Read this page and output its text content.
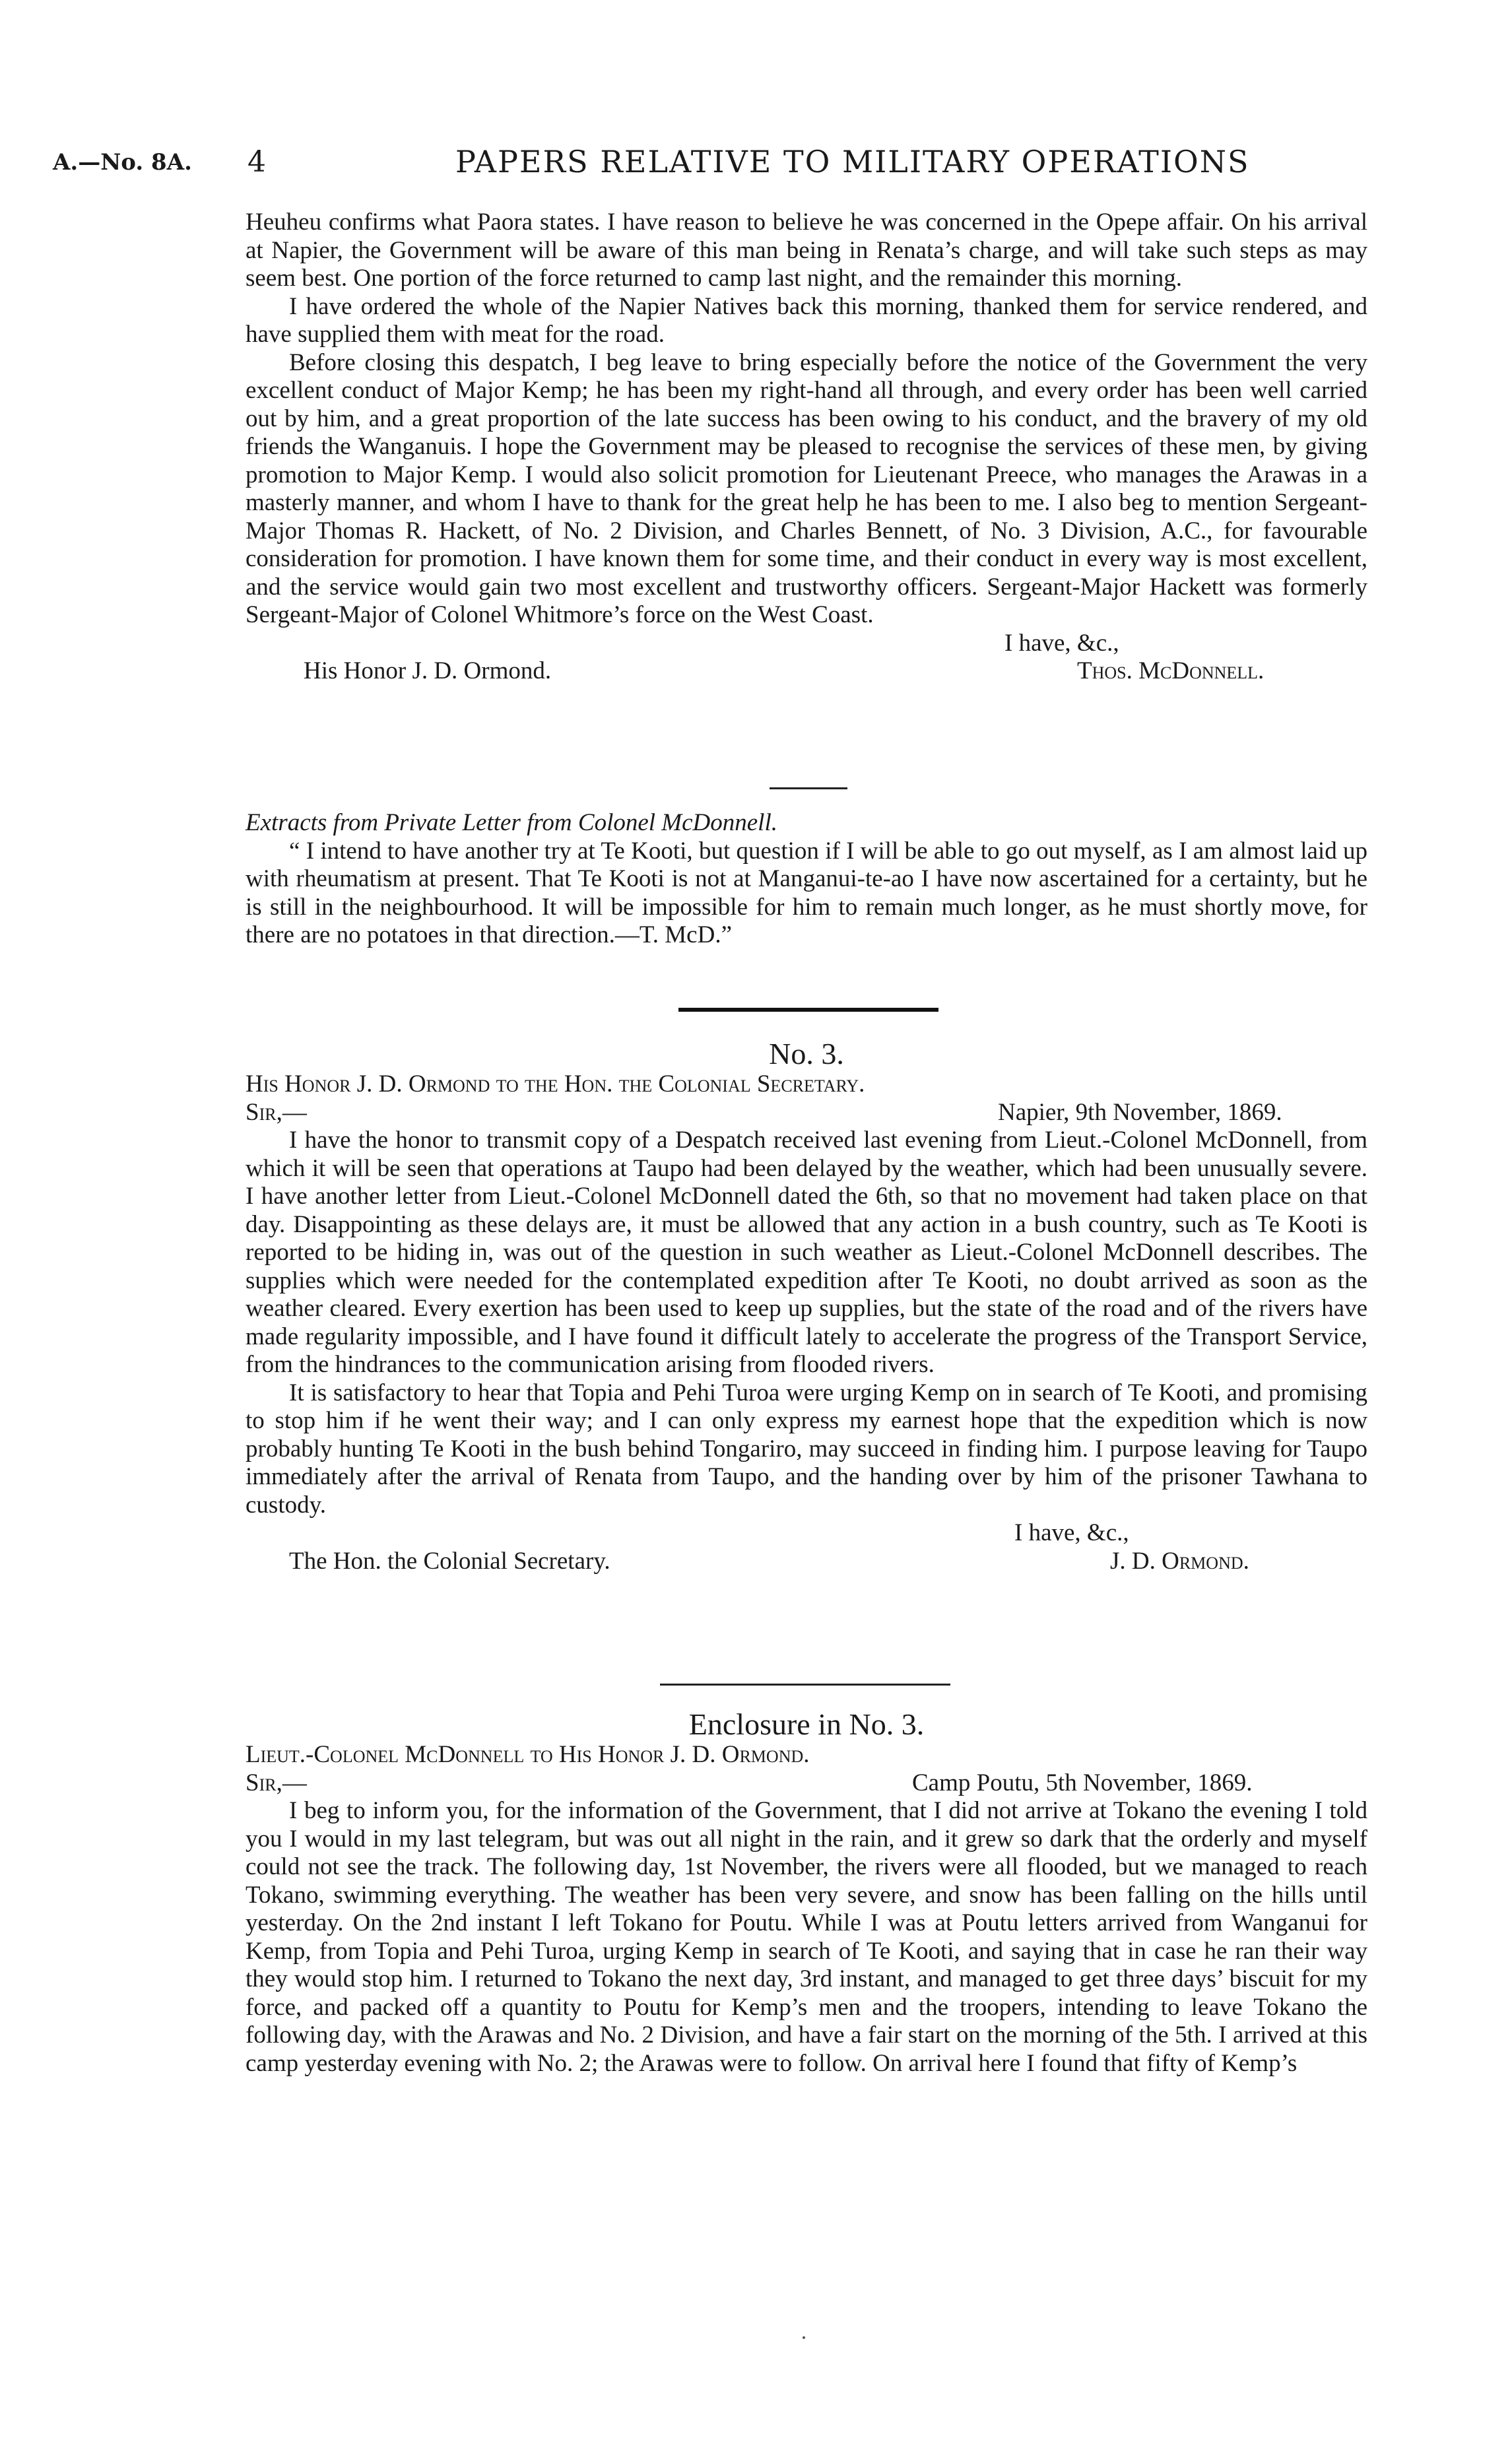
A.—No. 8A. 4	PAPERS RELATIVE TO MILITARY OPERATIONS

Heuheu confirms what Paora states. I have reason to believe he was concerned in the Opepe affair. On his arrival at Napier, the Government will be aware of this man being in Renata’s charge, and will take such steps as may seem best. One portion of the force returned to camp last night, and the remainder this morning.

I have ordered the whole of the Napier Natives back this morning, thanked them for service rendered, and have supplied them with meat for the road.

Before closing this despatch, I beg leave to bring especially before the notice of the Government the very excellent conduct of Major Kemp; he has been my right-hand all through, and every order has been well carried out by him, and a great proportion of the late success has been owing to his conduct, and the bravery of my old friends the Wanganuis. I hope the Government may be pleased to recognise the services of these men, by giving promotion to Major Kemp. I would also solicit promotion for Lieutenant Preece, who manages the Arawas in a masterly manner, and whom I have to thank for the great help he has been to me. I also beg to mention Sergeant-Major Thomas R. Hackett, of No. 2 Division, and Charles Bennett, of No. 3 Division, A.C., for favourable consideration for promotion. I have known them for some time, and their conduct in every way is most excellent, and the service would gain two most excellent and trustworthy officers. Sergeant-Major Hackett was formerly Sergeant-Major of Colonel Whitmore’s force on the West Coast.

I have, &c.,
His Honor J. D. Ormond.	Thos. McDonnell.

Extracts from Private Letter from Colonel McDonnell.

“ I intend to have another try at Te Kooti, but question if I will be able to go out myself, as I am almost laid up with rheumatism at present. That Te Kooti is not at Manganui-te-ao I have now ascertained for a certainty, but he is still in the neighbourhood. It will be impossible for him to remain much longer, as he must shortly move, for there are no potatoes in that direction.—T. McD.”

No. 3.

His Honor J. D. Ormond to the Hon. the Colonial Secretary.

Sir,—	Napier, 9th November, 1869.

I have the honor to transmit copy of a Despatch received last evening from Lieut.-Colonel McDonnell, from which it will be seen that operations at Taupo had been delayed by the weather, which had been unusually severe. I have another letter from Lieut.-Colonel McDonnell dated the 6th, so that no movement had taken place on that day. Disappointing as these delays are, it must be allowed that any action in a bush country, such as Te Kooti is reported to be hiding in, was out of the question in such weather as Lieut.-Colonel McDonnell describes. The supplies which were needed for the contemplated expedition after Te Kooti, no doubt arrived as soon as the weather cleared. Every exertion has been used to keep up supplies, but the state of the road and of the rivers have made regularity impossible, and I have found it difficult lately to accelerate the progress of the Transport Service, from the hindrances to the communication arising from flooded rivers.

It is satisfactory to hear that Topia and Pehi Turoa were urging Kemp on in search of Te Kooti, and promising to stop him if he went their way; and I can only express my earnest hope that the expedition which is now probably hunting Te Kooti in the bush behind Tongariro, may succeed in finding him. I purpose leaving for Taupo immediately after the arrival of Renata from Taupo, and the handing over by him of the prisoner Tawhana to custody.

I have, &c.,
The Hon. the Colonial Secretary.	J. D. Ormond.
Enclosure in No. 3.

Lieut.-Colonel McDonnell to His Honor J. D. Ormond.

Sir,—	Camp Poutu, 5th November, 1869.

I beg to inform you, for the information of the Government, that I did not arrive at Tokano the evening I told you I would in my last telegram, but was out all night in the rain, and it grew so dark that the orderly and myself could not see the track. The following day, 1st November, the rivers were all flooded, but we managed to reach Tokano, swimming everything. The weather has been very severe, and snow has been falling on the hills until yesterday. On the 2nd instant I left Tokano for Poutu. While I was at Poutu letters arrived from Wanganui for Kemp, from Topia and Pehi Turoa, urging Kemp in search of Te Kooti, and saying that in case he ran their way they would stop him. I returned to Tokano the next day, 3rd instant, and managed to get three days’ biscuit for my force, and packed off a quantity to Poutu for Kemp’s men and the troopers, intending to leave Tokano the following day, with the Arawas and No. 2 Division, and have a fair start on the morning of the 5th. I arrived at this camp yesterday evening with No. 2; the Arawas were to follow. On arrival here I found that fifty of Kemp’s
